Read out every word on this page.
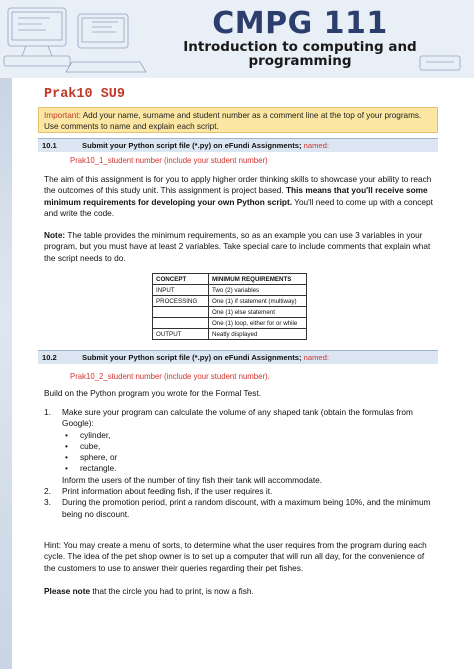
CMPG 111
Introduction to computing and
programming
Prak10 SU9
Important: Add your name, surname and student number as a comment line at the top of your programs. Use comments to name and explain each script.
10.1	Submit your Python script file (*.py) on eFundi Assignments; named:
Prak10_1_student number (include your student number)
The aim of this assignment is for you to apply higher order thinking skills to showcase your ability to reach the outcomes of this study unit. This assignment is project based. This means that you'll receive some minimum requirements for developing your own Python script. You'll need to come up with a concept and write the code.
Note: The table provides the minimum requirements, so as an example you can use 3 variables in your program, but you must have at least 2 variables. Take special care to include comments that explain what the script needs to do.
CONCEPT	MINIMUM REQUIREMENTS
INPUT	Two (2) variables
PROCESSING	One (1) if statement (multiway)
	One (1) else statement
	One (1) loop, either for or while
OUTPUT	Neatly displayed
10.2	Submit your Python script file (*.py) on eFundi Assignments; named:
Prak10_2_student number (include your student number).
Build on the Python program you wrote for the Formal Test.
1. Make sure your program can calculate the volume of any shaped tank (obtain the formulas from Google):
• cylinder,
• cube,
• sphere, or
• rectangle.
Inform the users of the number of tiny fish their tank will accommodate.
2. Print information about feeding fish, if the user requires it.
3. During the promotion period, print a random discount, with a maximum being 10%, and the minimum being no discount.
Hint: You may create a menu of sorts, to determine what the user requires from the program during each cycle. The idea of the pet shop owner is to set up a computer that will run all day, for the convenience of the customers to use to answer their queries regarding their pet fishes.
Please note that the circle you had to print, is now a fish.
